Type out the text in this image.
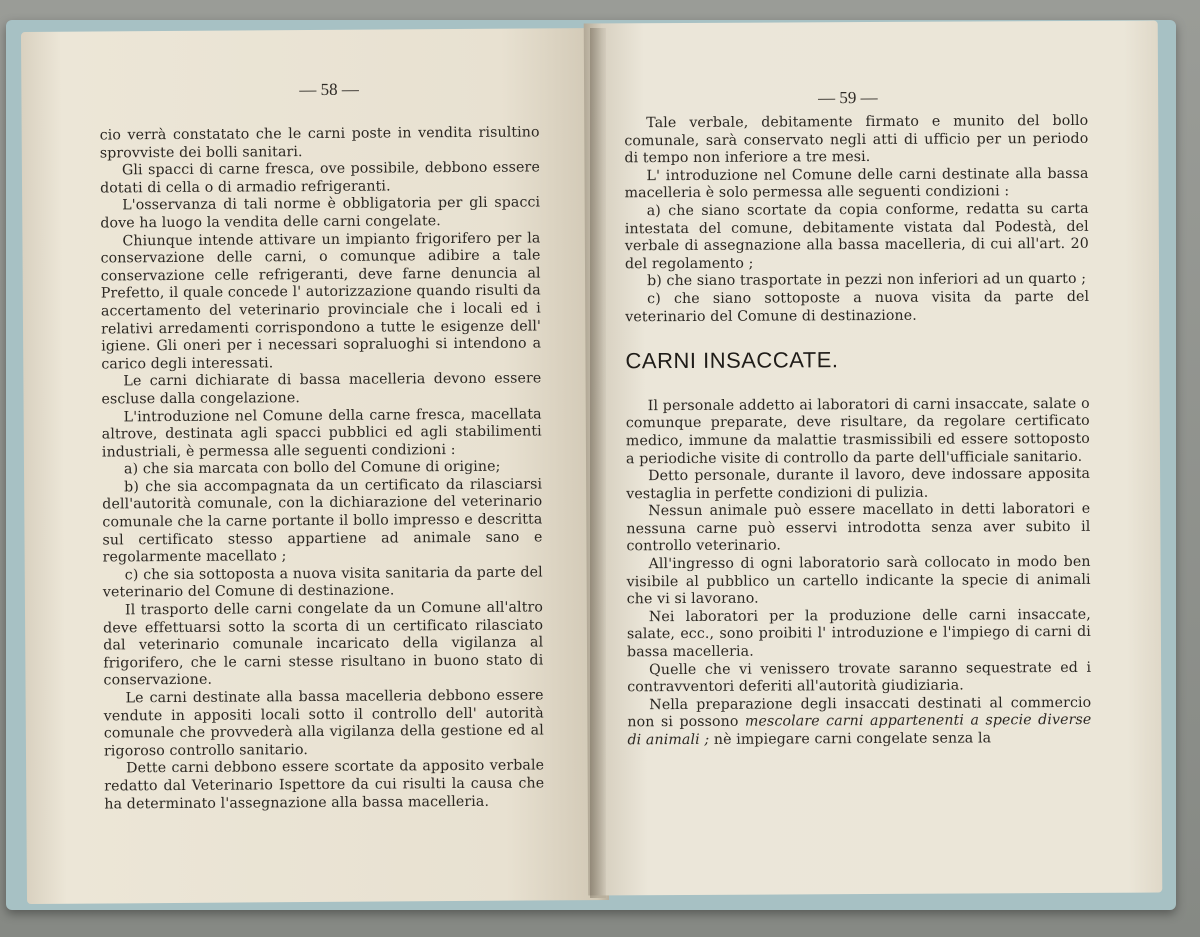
— 58 —

cio verrà constatato che le carni poste in vendita risultino sprovviste dei bolli sanitari.

Gli spacci di carne fresca, ove possibile, debbono essere dotati di cella o di armadio refrigeranti.

L'osservanza di tali norme è obbligatoria per gli spacci dove ha luogo la vendita delle carni congelate.

Chiunque intende attivare un impianto frigorifero per la conservazione delle carni, o comunque adibire a tale conservazione celle refrigeranti, deve farne denuncia al Prefetto, il quale concede l' autorizzazione quando risulti da accertamento del veterinario provinciale che i locali ed i relativi arredamenti corrispondono a tutte le esigenze dell' igiene. Gli oneri per i necessari sopraluoghi si intendono a carico degli interessati.

Le carni dichiarate di bassa macelleria devono essere escluse dalla congelazione.

L'introduzione nel Comune della carne fresca, macellata altrove, destinata agli spacci pubblici ed agli stabilimenti industriali, è permessa alle seguenti condizioni :

a) che sia marcata con bollo del Comune di origine;

b) che sia accompagnata da un certificato da rilasciarsi dell'autorità comunale, con la dichiarazione del veterinario comunale che la carne portante il bollo impresso e descritta sul certificato stesso appartiene ad animale sano e regolarmente macellato ;

c) che sia sottoposta a nuova visita sanitaria da parte del veterinario del Comune di destinazione.

Il trasporto delle carni congelate da un Comune all'altro deve effettuarsi sotto la scorta di un certificato rilasciato dal veterinario comunale incaricato della vigilanza al frigorifero, che le carni stesse risultano in buono stato di conservazione.

Le carni destinate alla bassa macelleria debbono essere vendute in appositi locali sotto il controllo dell' autorità comunale che provvederà alla vigilanza della gestione ed al rigoroso controllo sanitario.

Dette carni debbono essere scortate da apposito verbale redatto dal Veterinario Ispettore da cui risulti la causa che ha determinato l'assegnazione alla bassa macelleria.

— 59 —

Tale verbale, debitamente firmato e munito del bollo comunale, sarà conservato negli atti di ufficio per un periodo di tempo non inferiore a tre mesi.

L' introduzione nel Comune delle carni destinate alla bassa macelleria è solo permessa alle seguenti condizioni :

a) che siano scortate da copia conforme, redatta su carta intestata del comune, debitamente vistata dal Podestà, del verbale di assegnazione alla bassa macelleria, di cui all'art. 20 del regolamento ;

b) che siano trasportate in pezzi non inferiori ad un quarto ;

c) che siano sottoposte a nuova visita da parte del veterinario del Comune di destinazione.

CARNI INSACCATE.

Il personale addetto ai laboratori di carni insaccate, salate o comunque preparate, deve risultare, da regolare certificato medico, immune da malattie trasmissibili ed essere sottoposto a periodiche visite di controllo da parte dell'ufficiale sanitario.

Detto personale, durante il lavoro, deve indossare apposita vestaglia in perfette condizioni di pulizia.

Nessun animale può essere macellato in detti laboratori e nessuna carne può esservi introdotta senza aver subito il controllo veterinario.

All'ingresso di ogni laboratorio sarà collocato in modo ben visibile al pubblico un cartello indicante la specie di animali che vi si lavorano.

Nei laboratori per la produzione delle carni insaccate, salate, ecc., sono proibiti l' introduzione e l'impiego di carni di bassa macelleria.

Quelle che vi venissero trovate saranno sequestrate ed i contravventori deferiti all'autorità giudiziaria.

Nella preparazione degli insaccati destinati al commercio non si possono mescolare carni appartenenti a specie diverse di animali ; nè impiegare carni congelate senza la
